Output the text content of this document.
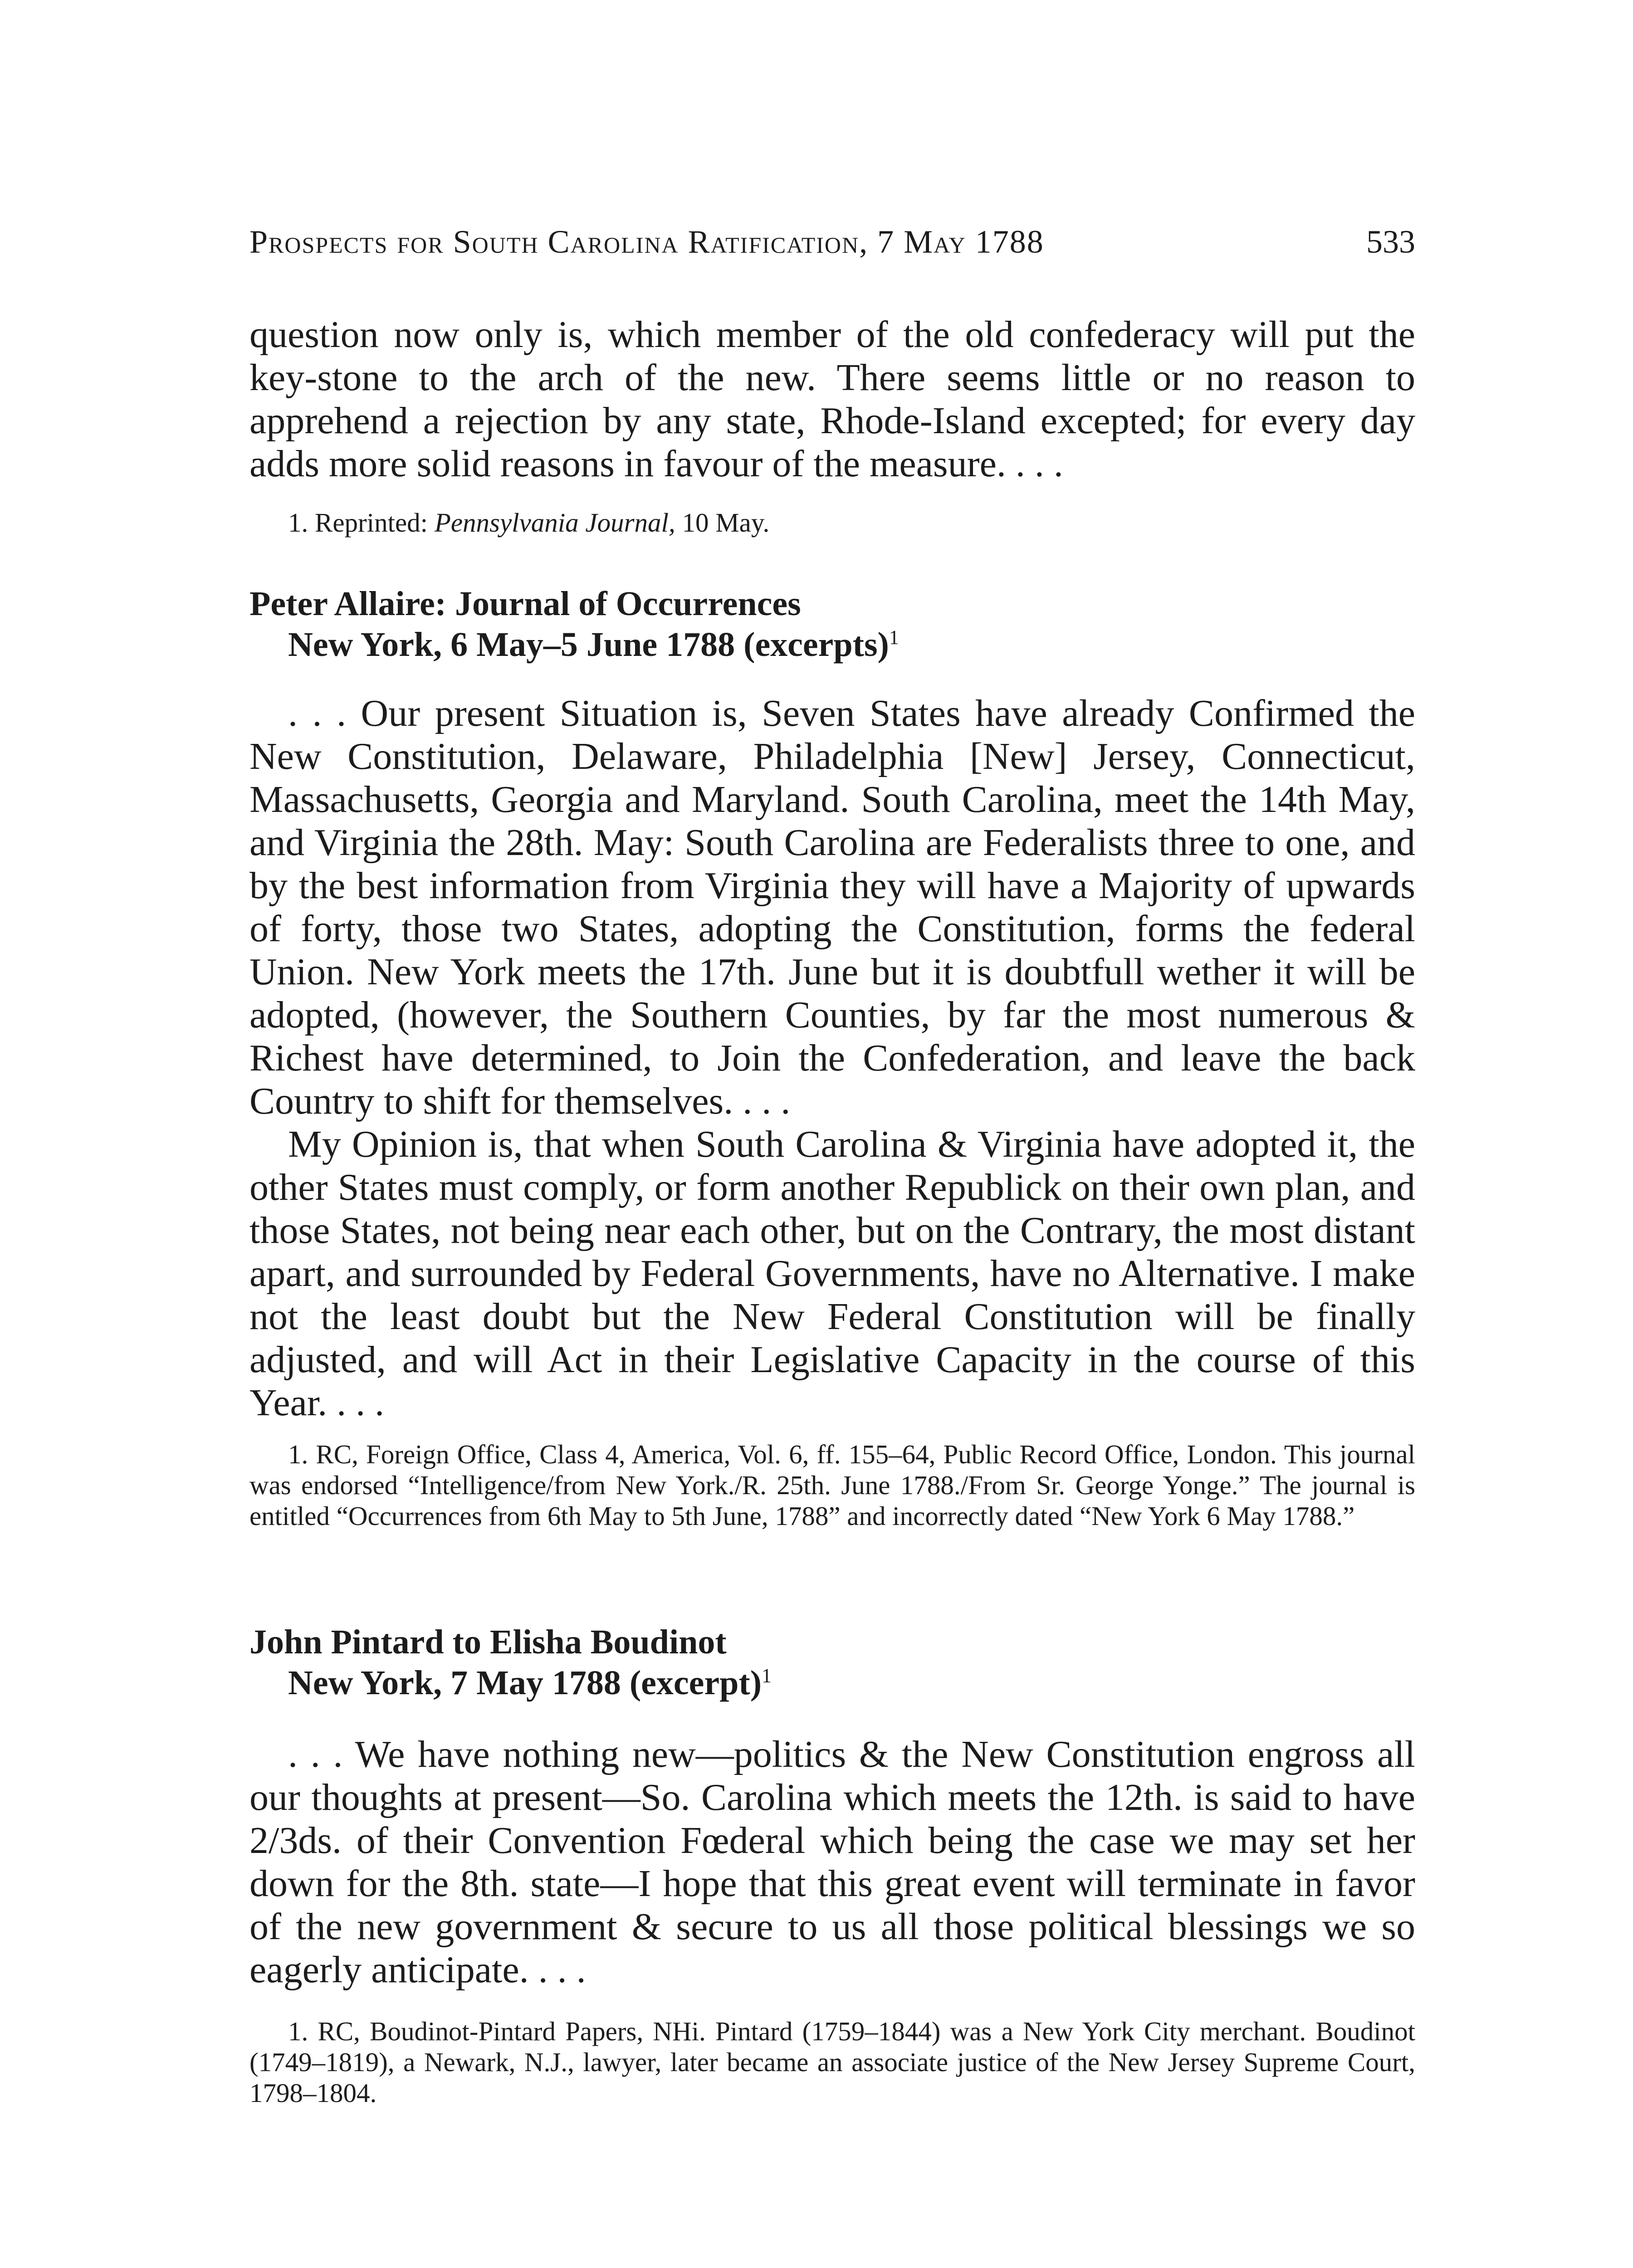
Prospects for South Carolina Ratification, 7 May 1788	533

question now only is, which member of the old confederacy will put the key-stone to the arch of the new. There seems little or no reason to apprehend a rejection by any state, Rhode-Island excepted; for every day adds more solid reasons in favour of the measure. . . .

1. Reprinted: Pennsylvania Journal, 10 May.

Peter Allaire: Journal of Occurrences

New York, 6 May–5 June 1788 (excerpts)$^1$

. . . Our present Situation is, Seven States have already Confirmed the New Constitution, Delaware, Philadelphia [New] Jersey, Connecticut, Massachusetts, Georgia and Maryland. South Carolina, meet the 14th May, and Virginia the 28th. May: South Carolina are Federalists three to one, and by the best information from Virginia they will have a Majority of upwards of forty, those two States, adopting the Constitution, forms the federal Union. New York meets the 17th. June but it is doubtfull wether it will be adopted, (however, the Southern Counties, by far the most numerous & Richest have determined, to Join the Confederation, and leave the back Country to shift for themselves. . . .

My Opinion is, that when South Carolina & Virginia have adopted it, the other States must comply, or form another Republick on their own plan, and those States, not being near each other, but on the Contrary, the most distant apart, and surrounded by Federal Governments, have no Alternative. I make not the least doubt but the New Federal Constitution will be finally adjusted, and will Act in their Legislative Capacity in the course of this Year. . . .

1. RC, Foreign Office, Class 4, America, Vol. 6, ff. 155–64, Public Record Office, London. This journal was endorsed “Intelligence/from New York./R. 25th. June 1788./From Sr. George Yonge.” The journal is entitled “Occurrences from 6th May to 5th June, 1788” and incorrectly dated “New York 6 May 1788.”

John Pintard to Elisha Boudinot

New York, 7 May 1788 (excerpt)$^1$

. . . We have nothing new—politics & the New Constitution engross all our thoughts at present—So. Carolina which meets the 12th. is said to have 2/3ds. of their Convention Fœderal which being the case we may set her down for the 8th. state—I hope that this great event will terminate in favor of the new government & secure to us all those political blessings we so eagerly anticipate. . . .

1. RC, Boudinot-Pintard Papers, NHi. Pintard (1759–1844) was a New York City merchant. Boudinot (1749–1819), a Newark, N.J., lawyer, later became an associate justice of the New Jersey Supreme Court, 1798–1804.
